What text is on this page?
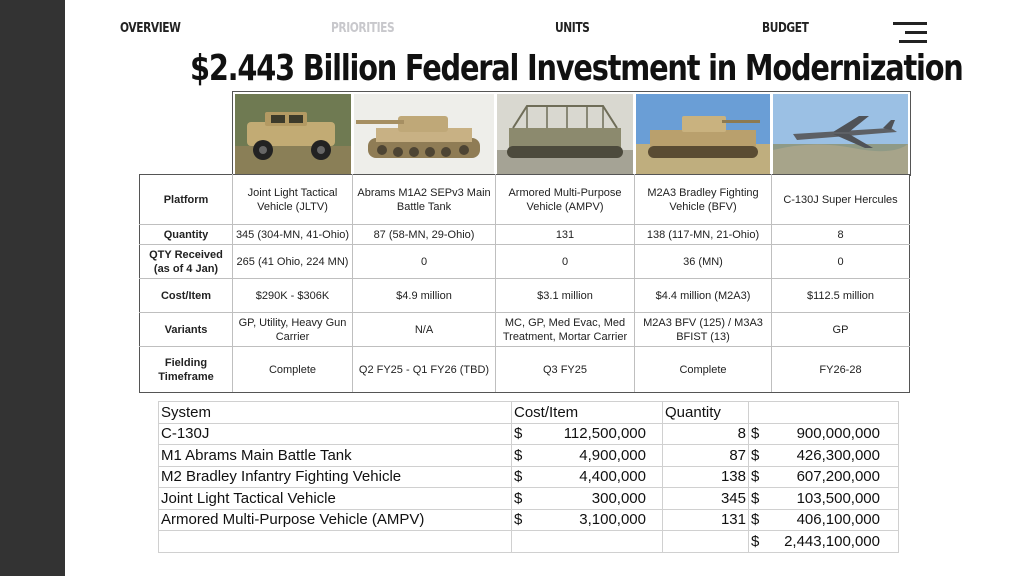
OVERVIEW	PRIORITIES	UNITS	BUDGET
$2.443 Billion Federal Investment in Modernization
Platform	Joint Light Tactical Vehicle (JLTV)	Abrams M1A2 SEPv3 Main Battle Tank	Armored Multi-Purpose Vehicle (AMPV)	M2A3 Bradley Fighting Vehicle (BFV)	C-130J Super Hercules
Quantity	345 (304-MN, 41-Ohio)	87 (58-MN, 29-Ohio)	131	138 (117-MN, 21-Ohio)	8
QTY Received (as of 4 Jan)	265 (41 Ohio, 224 MN)	0	0	36 (MN)	0
Cost/Item	$290K - $306K	$4.9 million	$3.1 million	$4.4 million (M2A3)	$112.5 million
Variants	GP, Utility, Heavy Gun Carrier	N/A	MC, GP, Med Evac, Med Treatment, Mortar Carrier	M2A3 BFV (125) / M3A3 BFIST (13)	GP
Fielding Timeframe	Complete	Q2 FY25 - Q1 FY26 (TBD)	Q3 FY25	Complete	FY26-28
System	Cost/Item	Quantity	
C-130J	$ 112,500,000	8	$ 900,000,000

M1 Abrams Main Battle Tank	$ 4,900,000	87	$ 426,300,000

M2 Bradley Infantry Fighting Vehicle	$ 4,400,000	138	$ 607,200,000

Joint Light Tactical Vehicle	$ 300,000	345	$ 103,500,000

Armored Multi-Purpose Vehicle (AMPV)	$ 3,100,000	131	$ 406,100,000

			$ 2,443,100,000
